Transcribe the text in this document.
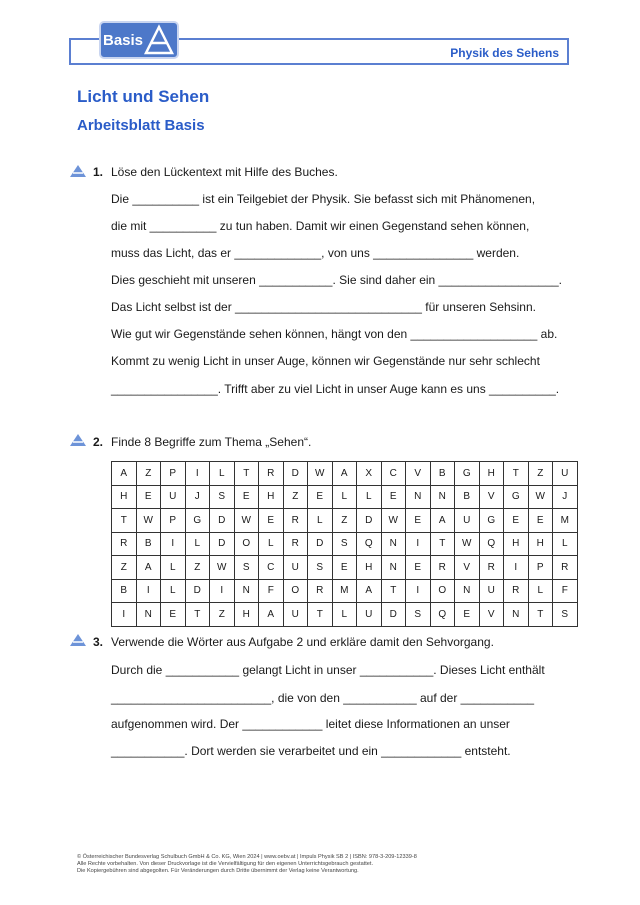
Physik des Sehens
Basis
Licht und Sehen
Arbeitsblatt Basis
1. Löse den Lückentext mit Hilfe des Buches.
Die __________ ist ein Teilgebiet der Physik. Sie befasst sich mit Phänomenen,
die mit __________ zu tun haben. Damit wir einen Gegenstand sehen können,
muss das Licht, das er _____________, von uns _______________ werden.
Dies geschieht mit unseren ___________. Sie sind daher ein __________________.
Das Licht selbst ist der ____________________________ für unseren Sehsinn.
Wie gut wir Gegenstände sehen können, hängt von den ___________________ ab.
Kommt zu wenig Licht in unser Auge, können wir Gegenstände nur sehr schlecht
________________. Trifft aber zu viel Licht in unser Auge kann es uns __________.
2. Finde 8 Begriffe zum Thema „Sehen“.
A	Z	P	I	L	T	R	D	W	A	X	C	V	B	G	H	T	Z	U
H	E	U	J	S	E	H	Z	E	L	L	E	N	N	B	V	G	W	J
T	W	P	G	D	W	E	R	L	Z	D	W	E	A	U	G	E	E	M
R	B	I	L	D	O	L	R	D	S	Q	N	I	T	W	Q	H	H	L
Z	A	L	Z	W	S	C	U	S	E	H	N	E	R	V	R	I	P	R
B	I	L	D	I	N	F	O	R	M	A	T	I	O	N	U	R	L	F
I	N	E	T	Z	H	A	U	T	L	U	D	S	Q	E	V	N	T	S
3. Verwende die Wörter aus Aufgabe 2 und erkläre damit den Sehvorgang.
Durch die ___________ gelangt Licht in unser ___________. Dieses Licht enthält
________________________, die von den ___________ auf der ___________
aufgenommen wird. Der ____________ leitet diese Informationen an unser
___________. Dort werden sie verarbeitet und ein ____________ entsteht.
© Österreichischer Bundesverlag Schulbuch GmbH & Co. KG, Wien 2024 | www.oebv.at | Impuls Physik SB 2 | ISBN: 978-3-209-12339-8
Alle Rechte vorbehalten. Von dieser Druckvorlage ist die Vervielfältigung für den eigenen Unterrichtsgebrauch gestattet.
Die Kopiergebühren sind abgegolten. Für Veränderungen durch Dritte übernimmt der Verlag keine Verantwortung.
